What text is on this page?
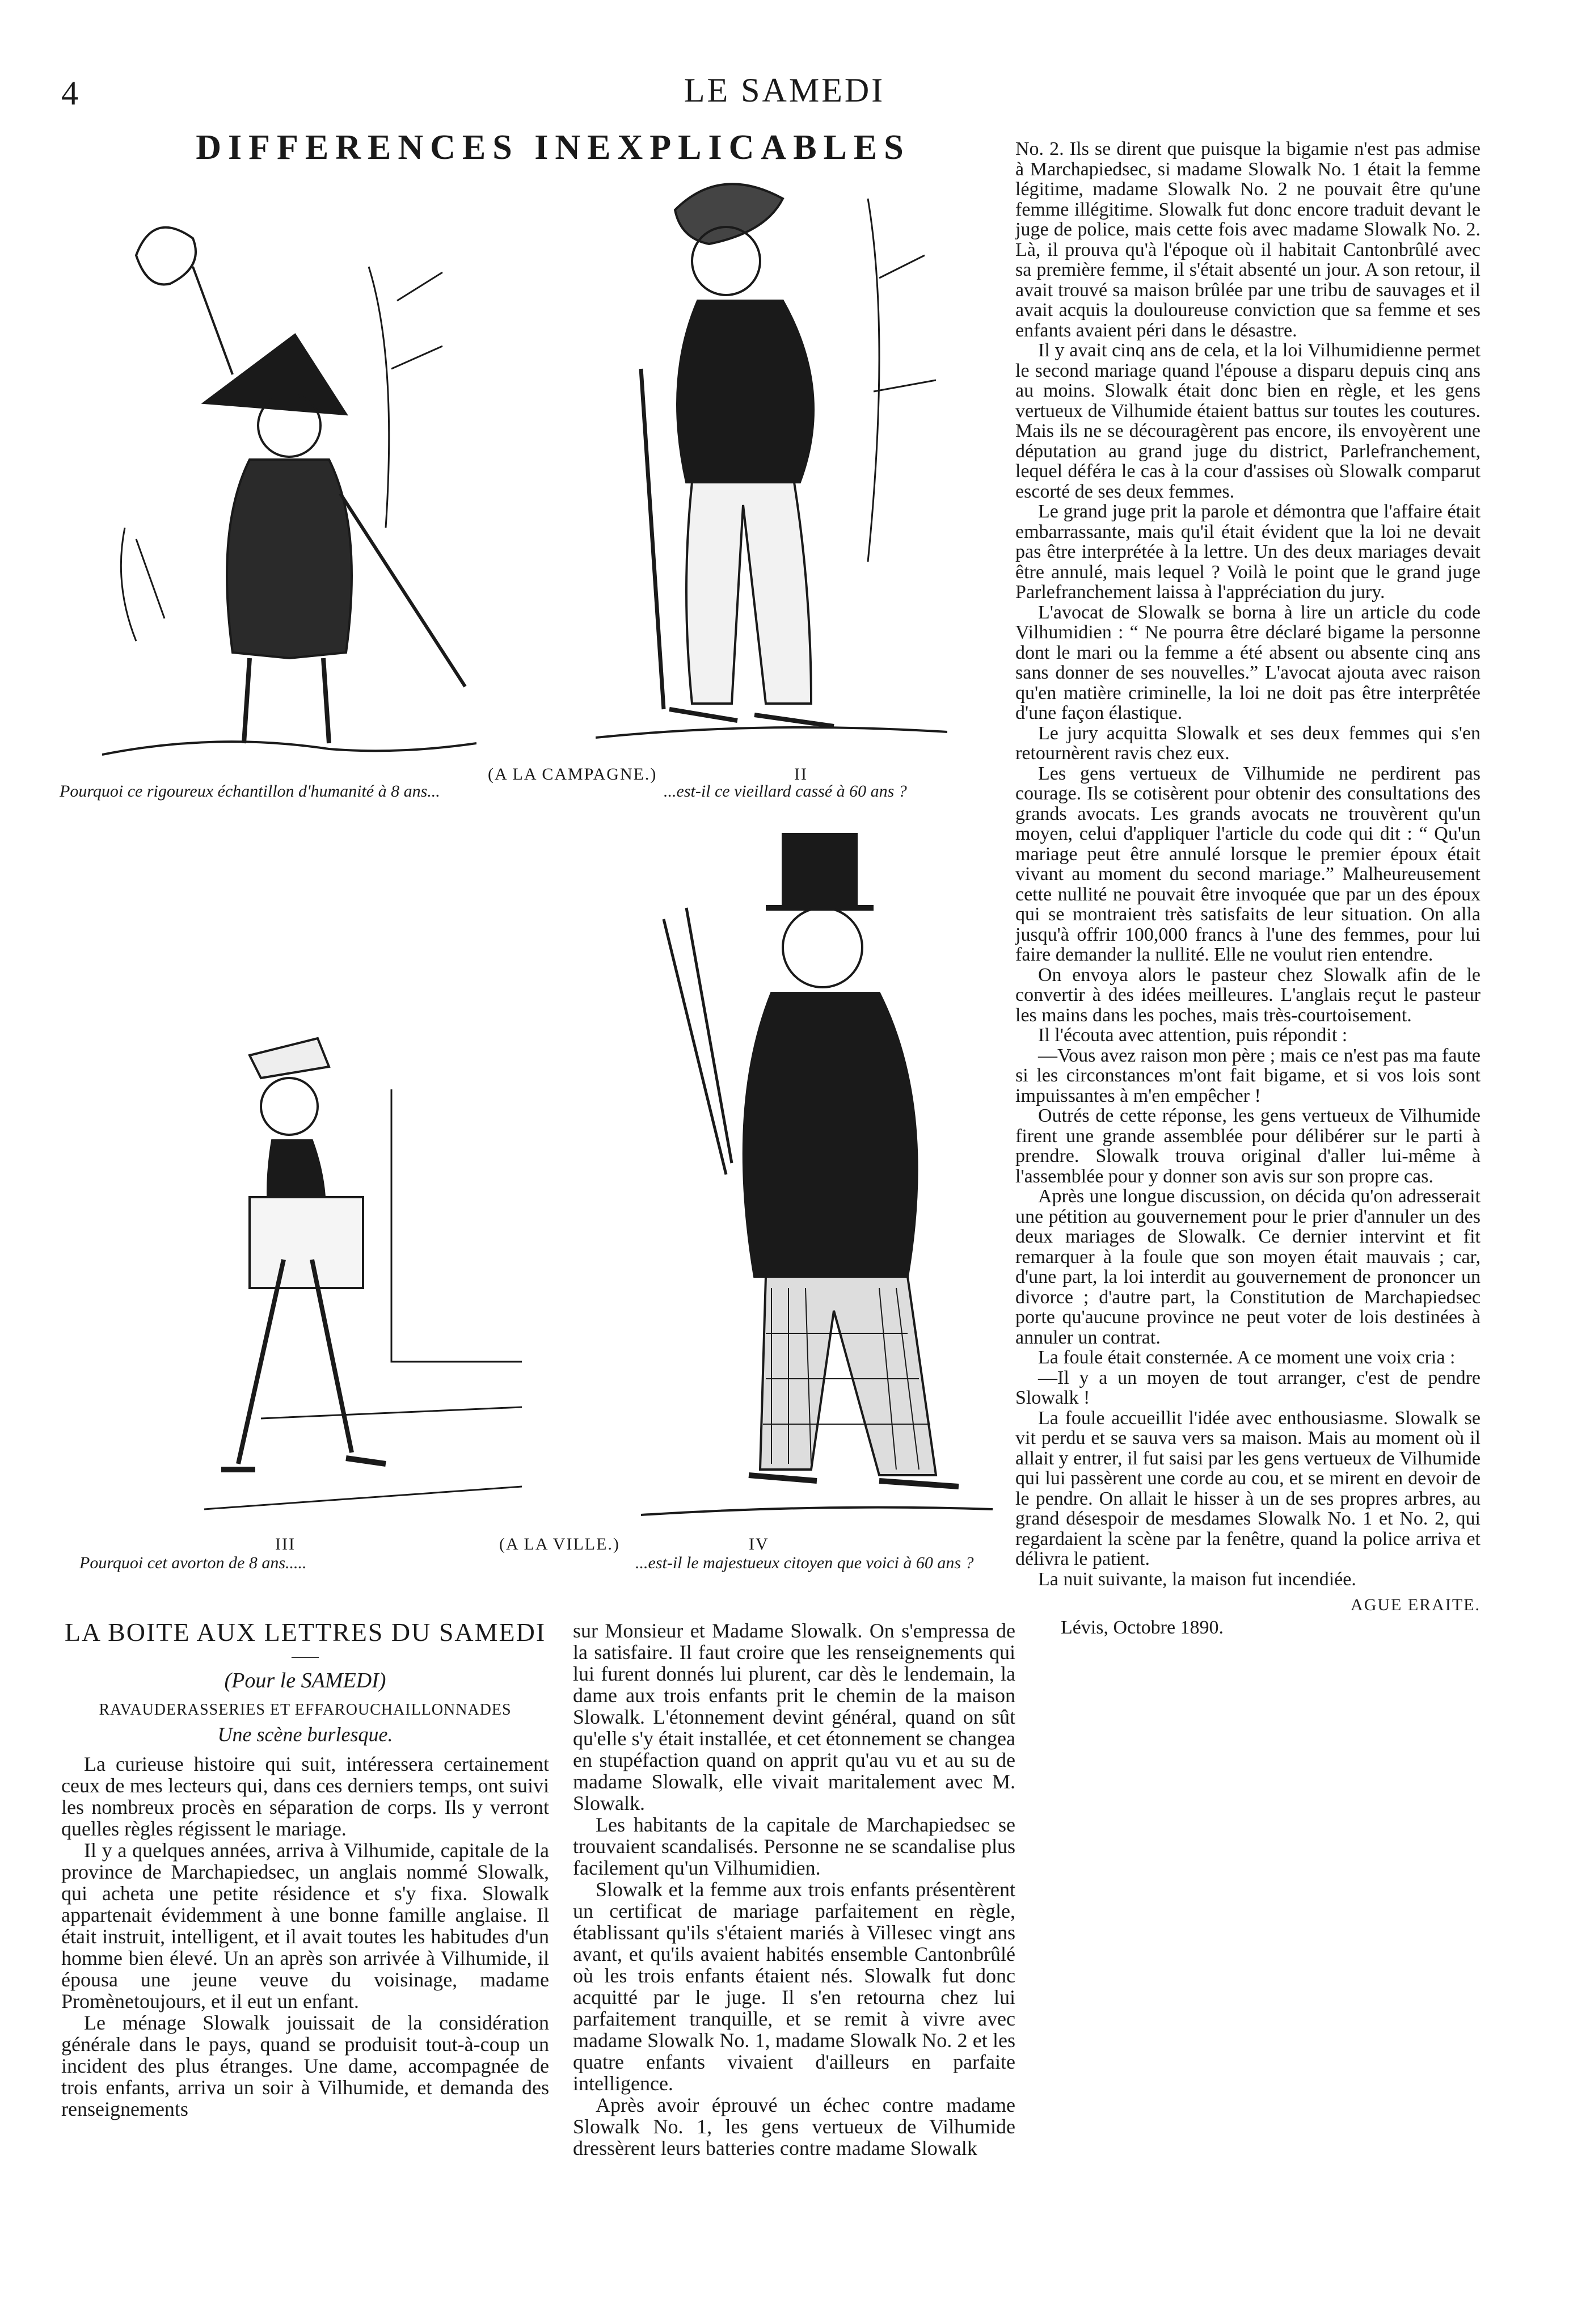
4	LE SAMEDI
DIFFERENCES INEXPLICABLES
(A LA CAMPAGNE.)	II
Pourquoi ce rigoureux échantillon d'humanité à 8 ans...	...est-il ce vieillard cassé à 60 ans ?
III	(A LA VILLE.)	IV
Pourquoi cet avorton de 8 ans.....	...est-il le majestueux citoyen que voici à 60 ans ?
LA BOITE AUX LETTRES DU SAMEDI
——
(Pour le SAMEDI)
RAVAUDERASSERIES ET EFFAROUCHAILLONNADES
Une scène burlesque.

La curieuse histoire qui suit, intéressera certainement ceux de mes lecteurs qui, dans ces derniers temps, ont suivi les nombreux procès en séparation de corps. Ils y verront quelles règles régissent le mariage.

Il y a quelques années, arriva à Vilhumide, capitale de la province de Marchapiedsec, un anglais nommé Slowalk, qui acheta une petite résidence et s'y fixa. Slowalk appartenait évidemment à une bonne famille anglaise. Il était instruit, intelligent, et il avait toutes les habitudes d'un homme bien élevé. Un an après son arrivée à Vilhumide, il épousa une jeune veuve du voisinage, madame Promènetoujours, et il eut un enfant.

Le ménage Slowalk jouissait de la considération générale dans le pays, quand se produisit tout-à-coup un incident des plus étranges. Une dame, accompagnée de trois enfants, arriva un soir à Vilhumide, et demanda des renseignements

sur Monsieur et Madame Slowalk. On s'empressa de la satisfaire. Il faut croire que les renseignements qui lui furent donnés lui plurent, car dès le lendemain, la dame aux trois enfants prit le chemin de la maison Slowalk. L'étonnement devint général, quand on sût qu'elle s'y était installée, et cet étonnement se changea en stupéfaction quand on apprit qu'au vu et au su de madame Slowalk, elle vivait maritalement avec M. Slowalk.

Les habitants de la capitale de Marchapiedsec se trouvaient scandalisés. Personne ne se scandalise plus facilement qu'un Vilhumidien.

Slowalk et la femme aux trois enfants présentèrent un certificat de mariage parfaitement en règle, établissant qu'ils s'étaient mariés à Villesec vingt ans avant, et qu'ils avaient habités ensemble Cantonbrûlé où les trois enfants étaient nés. Slowalk fut donc acquitté par le juge. Il s'en retourna chez lui parfaitement tranquille, et se remit à vivre avec madame Slowalk No. 1, madame Slowalk No. 2 et les quatre enfants vivaient d'ailleurs en parfaite intelligence.

Après avoir éprouvé un échec contre madame Slowalk No. 1, les gens vertueux de Vilhumide dressèrent leurs batteries contre madame Slowalk

No. 2. Ils se dirent que puisque la bigamie n'est pas admise à Marchapiedsec, si madame Slowalk No. 1 était la femme légitime, madame Slowalk No. 2 ne pouvait être qu'une femme illégitime. Slowalk fut donc encore traduit devant le juge de police, mais cette fois avec madame Slowalk No. 2. Là, il prouva qu'à l'époque où il habitait Cantonbrûlé avec sa première femme, il s'était absenté un jour. A son retour, il avait trouvé sa maison brûlée par une tribu de sauvages et il avait acquis la douloureuse conviction que sa femme et ses enfants avaient péri dans le désastre.

Il y avait cinq ans de cela, et la loi Vilhumidienne permet le second mariage quand l'épouse a disparu depuis cinq ans au moins. Slowalk était donc bien en règle, et les gens vertueux de Vilhumide étaient battus sur toutes les coutures. Mais ils ne se découragèrent pas encore, ils envoyèrent une députation au grand juge du district, Parlefranchement, lequel déféra le cas à la cour d'assises où Slowalk comparut escorté de ses deux femmes.

Le grand juge prit la parole et démontra que l'affaire était embarrassante, mais qu'il était évident que la loi ne devait pas être interprétée à la lettre. Un des deux mariages devait être annulé, mais lequel ? Voilà le point que le grand juge Parlefranchement laissa à l'appréciation du jury.

L'avocat de Slowalk se borna à lire un article du code Vilhumidien : “ Ne pourra être déclaré bigame la personne dont le mari ou la femme a été absent ou absente cinq ans sans donner de ses nouvelles.” L'avocat ajouta avec raison qu'en matière criminelle, la loi ne doit pas être interprêtée d'une façon élastique.

Le jury acquitta Slowalk et ses deux femmes qui s'en retournèrent ravis chez eux.

Les gens vertueux de Vilhumide ne perdirent pas courage. Ils se cotisèrent pour obtenir des consultations des grands avocats. Les grands avocats ne trouvèrent qu'un moyen, celui d'appliquer l'article du code qui dit : “ Qu'un mariage peut être annulé lorsque le premier époux était vivant au moment du second mariage.” Malheureusement cette nullité ne pouvait être invoquée que par un des époux qui se montraient très satisfaits de leur situation. On alla jusqu'à offrir 100,000 francs à l'une des femmes, pour lui faire demander la nullité. Elle ne voulut rien entendre.

On envoya alors le pasteur chez Slowalk afin de le convertir à des idées meilleures. L'anglais reçut le pasteur les mains dans les poches, mais très-courtoisement.

Il l'écouta avec attention, puis répondit :

—Vous avez raison mon père ; mais ce n'est pas ma faute si les circonstances m'ont fait bigame, et si vos lois sont impuissantes à m'en empêcher !

Outrés de cette réponse, les gens vertueux de Vilhumide firent une grande assemblée pour délibérer sur le parti à prendre. Slowalk trouva original d'aller lui-même à l'assemblée pour y donner son avis sur son propre cas.

Après une longue discussion, on décida qu'on adresserait une pétition au gouvernement pour le prier d'annuler un des deux mariages de Slowalk. Ce dernier intervint et fit remarquer à la foule que son moyen était mauvais ; car, d'une part, la loi interdit au gouvernement de prononcer un divorce ; d'autre part, la Constitution de Marchapiedsec porte qu'aucune province ne peut voter de lois destinées à annuler un contrat.

La foule était consternée. A ce moment une voix cria :

—Il y a un moyen de tout arranger, c'est de pendre Slowalk !

La foule accueillit l'idée avec enthousiasme. Slowalk se vit perdu et se sauva vers sa maison. Mais au moment où il allait y entrer, il fut saisi par les gens vertueux de Vilhumide qui lui passèrent une corde au cou, et se mirent en devoir de le pendre. On allait le hisser à un de ses propres arbres, au grand désespoir de mesdames Slowalk No. 1 et No. 2, qui regardaient la scène par la fenêtre, quand la police arriva et délivra le patient.

La nuit suivante, la maison fut incendiée.

AGUE ERAITE.
Lévis, Octobre 1890.
